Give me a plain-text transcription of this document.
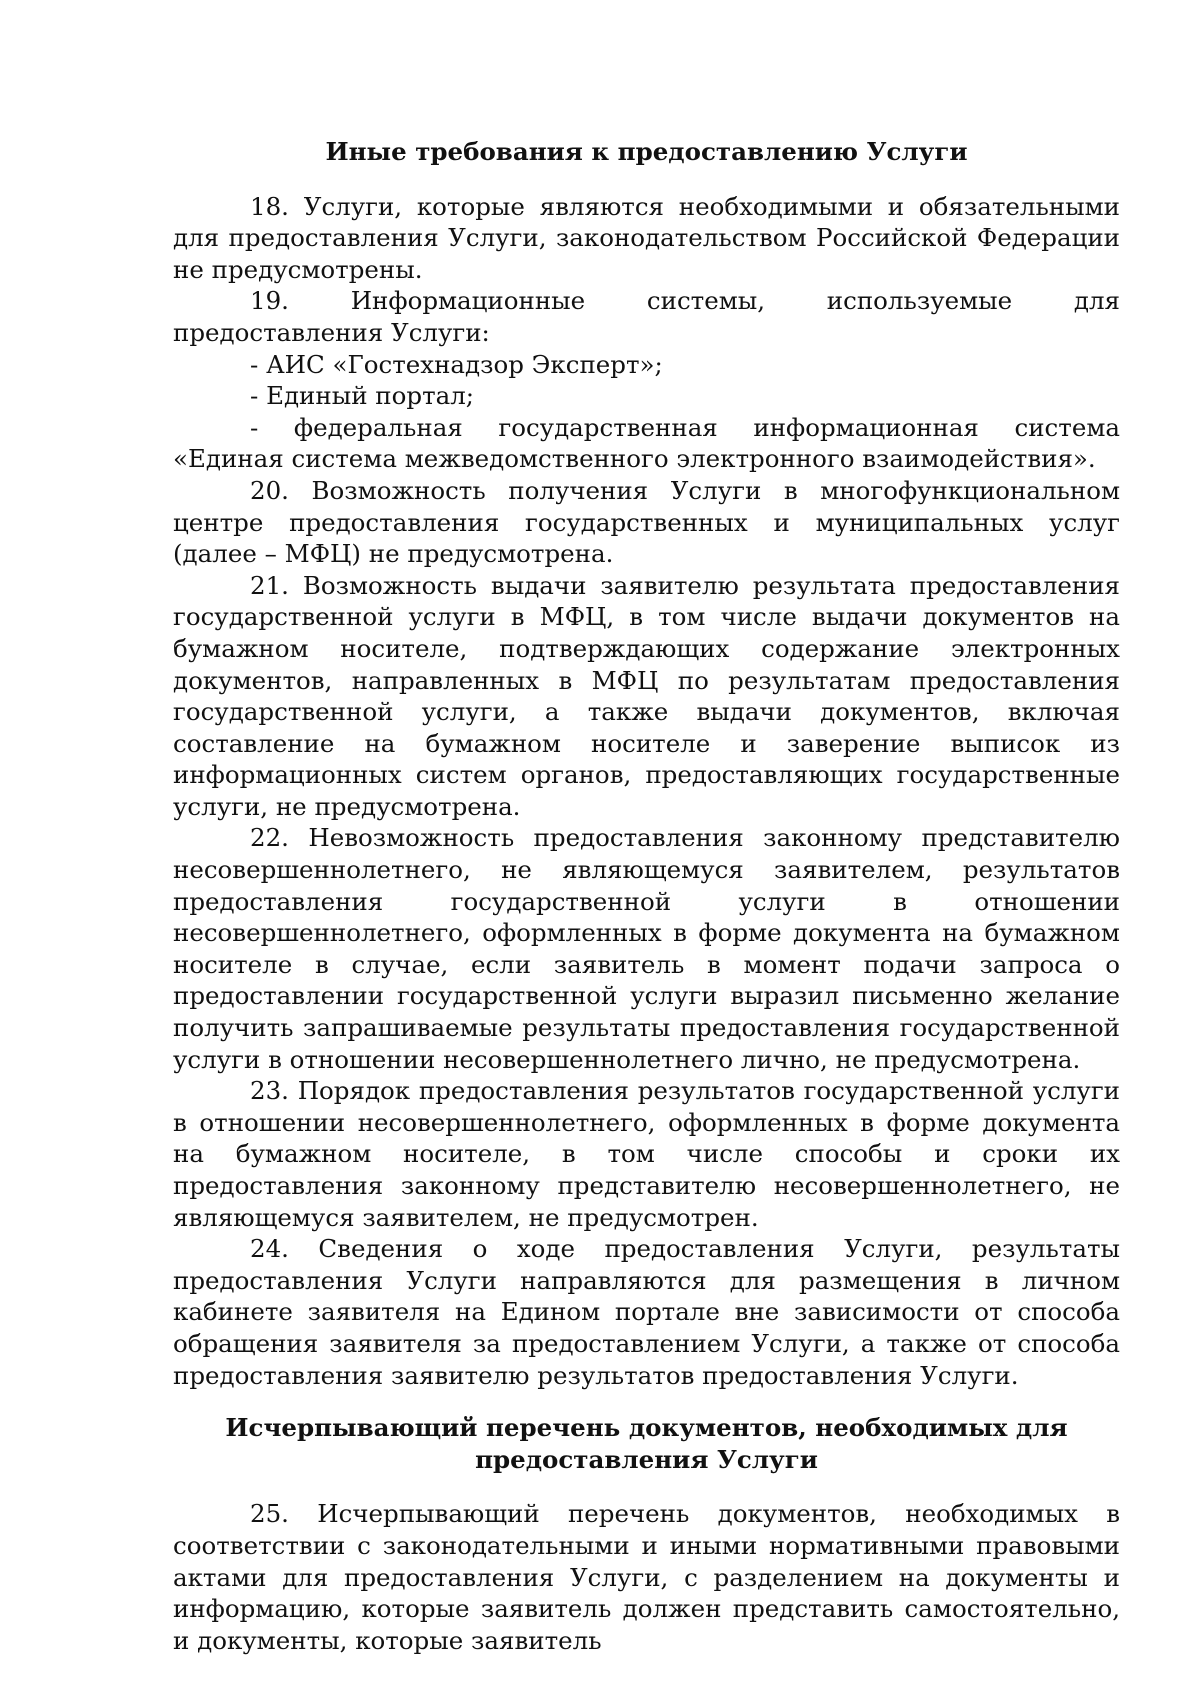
Иные требования к предоставлению Услуги

18. Услуги, которые являются необходимыми и обязательными для предоставления Услуги, законодательством Российской Федерации не предусмотрены.

19. Информационные системы, используемые для предоставления Услуги:

- АИС «Гостехнадзор Эксперт»;

- Единый портал;

- федеральная государственная информационная система «Единая система межведомственного электронного взаимодействия».

20. Возможность получения Услуги в многофункциональном центре предоставления государственных и муниципальных услуг (далее – МФЦ) не предусмотрена.

21. Возможность выдачи заявителю результата предоставления государственной услуги в МФЦ, в том числе выдачи документов на бумажном носителе, подтверждающих содержание электронных документов, направленных в МФЦ по результатам предоставления государственной услуги, а также выдачи документов, включая составление на бумажном носителе и заверение выписок из информационных систем органов, предоставляющих государственные услуги, не предусмотрена.

22. Невозможность предоставления законному представителю несовершеннолетнего, не являющемуся заявителем, результатов предоставления государственной услуги в отношении несовершеннолетнего, оформленных в форме документа на бумажном носителе в случае, если заявитель в момент подачи запроса о предоставлении государственной услуги выразил письменно желание получить запрашиваемые результаты предоставления государственной услуги в отношении несовершеннолетнего лично, не предусмотрена.

23. Порядок предоставления результатов государственной услуги в отношении несовершеннолетнего, оформленных в форме документа на бумажном носителе, в том числе способы и сроки их предоставления законному представителю несовершеннолетнего, не являющемуся заявителем, не предусмотрен.

24. Сведения о ходе предоставления Услуги, результаты предоставления Услуги направляются для размещения в личном кабинете заявителя на Едином портале вне зависимости от способа обращения заявителя за предоставлением Услуги, а также от способа предоставления заявителю результатов предоставления Услуги.

Исчерпывающий перечень документов, необходимых для предоставления Услуги

25. Исчерпывающий перечень документов, необходимых в соответствии с законодательными и иными нормативными правовыми актами для предоставления Услуги, с разделением на документы и информацию, которые заявитель должен представить самостоятельно, и документы, которые заявитель
